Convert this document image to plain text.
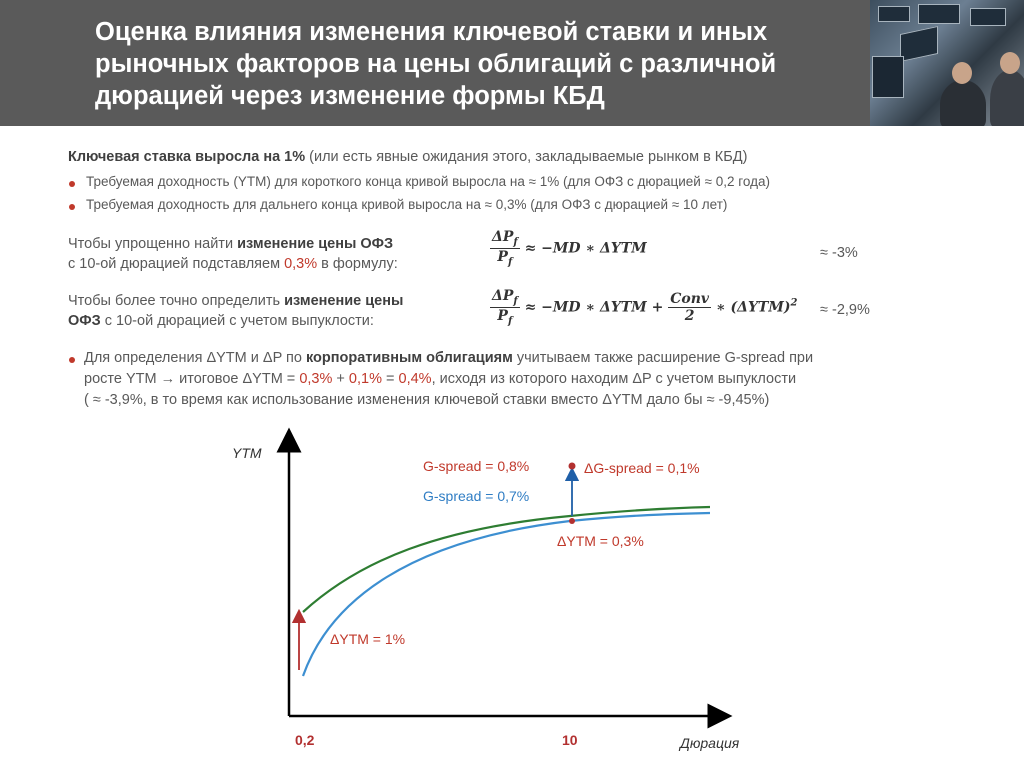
Оценка влияния изменения ключевой ставки и иных рыночных факторов на цены облигаций с различной дюрацией через изменение формы КБД
Ключевая ставка выросла на 1% (или есть явные ожидания этого, закладываемые рынком в КБД)
Требуемая доходность (YTM) для короткого конца кривой выросла на ≈ 1% (для ОФЗ с дюрацией ≈ 0,2 года)
Требуемая доходность для дальнего конца кривой выросла на ≈ 0,3% (для ОФЗ с дюрацией ≈ 10 лет)
Чтобы упрощенно найти изменение цены ОФЗ
с 10-ой дюрацией подставляем 0,3% в формулу:	$\frac{\Delta P_f}{P_f} \approx -MD$ ∗ ΔYTM	≈ -3%
Чтобы более точно определить изменение цены
ОФЗ с 10-ой дюрацией с учетом выпуклости:	$\frac{\Delta P_f}{P_f} \approx -MD$ ∗ $\Delta YTM + \frac{\text{Conv}}{2}$ ∗ $(\Delta YTM)^2 \approx -2,9\%$
Для определения ΔYTM и ΔP по корпоративным облигациям учитываем также расширение G-spread при
росте YTM → итоговое ΔYTM = 0,3% + 0,1% = 0,4%, исходя из которого находим ΔP с учетом выпуклости
( ≈ -3,9%, в то время как использование изменения ключевой ставки вместо ΔYTM дало бы ≈ -9,45%)
YTM
Дюрация
0,2	10
G-spread = 0,8%	ΔG-spread = 0,1%
G-spread = 0,7%
ΔYTM = 0,3%
ΔYTM = 1%
